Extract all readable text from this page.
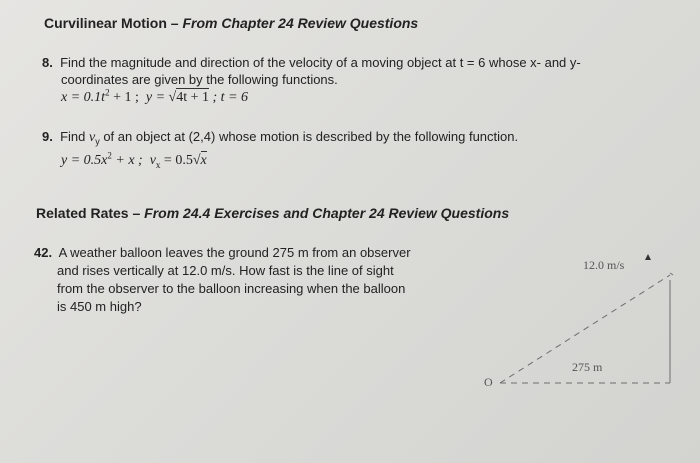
Curvilinear Motion – From Chapter 24 Review Questions
8. Find the magnitude and direction of the velocity of a moving object at t = 6 whose x- and y-
coordinates are given by the following functions.
$x = 0.1t^2 + 1$ ; y = √4t + 1 ; t = 6
9. Find $v_y$ of an object at (2,4) whose motion is described by the following function.
$y = 0.5x^2 + x$ ; $v_x = 0.5√x$
Related Rates – From 24.4 Exercises and Chapter 24 Review Questions
42. A weather balloon leaves the ground 275 m from an observer
and rises vertically at 12.0 m/s. How fast is the line of sight
from the observer to the balloon increasing when the balloon
is 450 m high?
12.0 m/s
275 m
O
